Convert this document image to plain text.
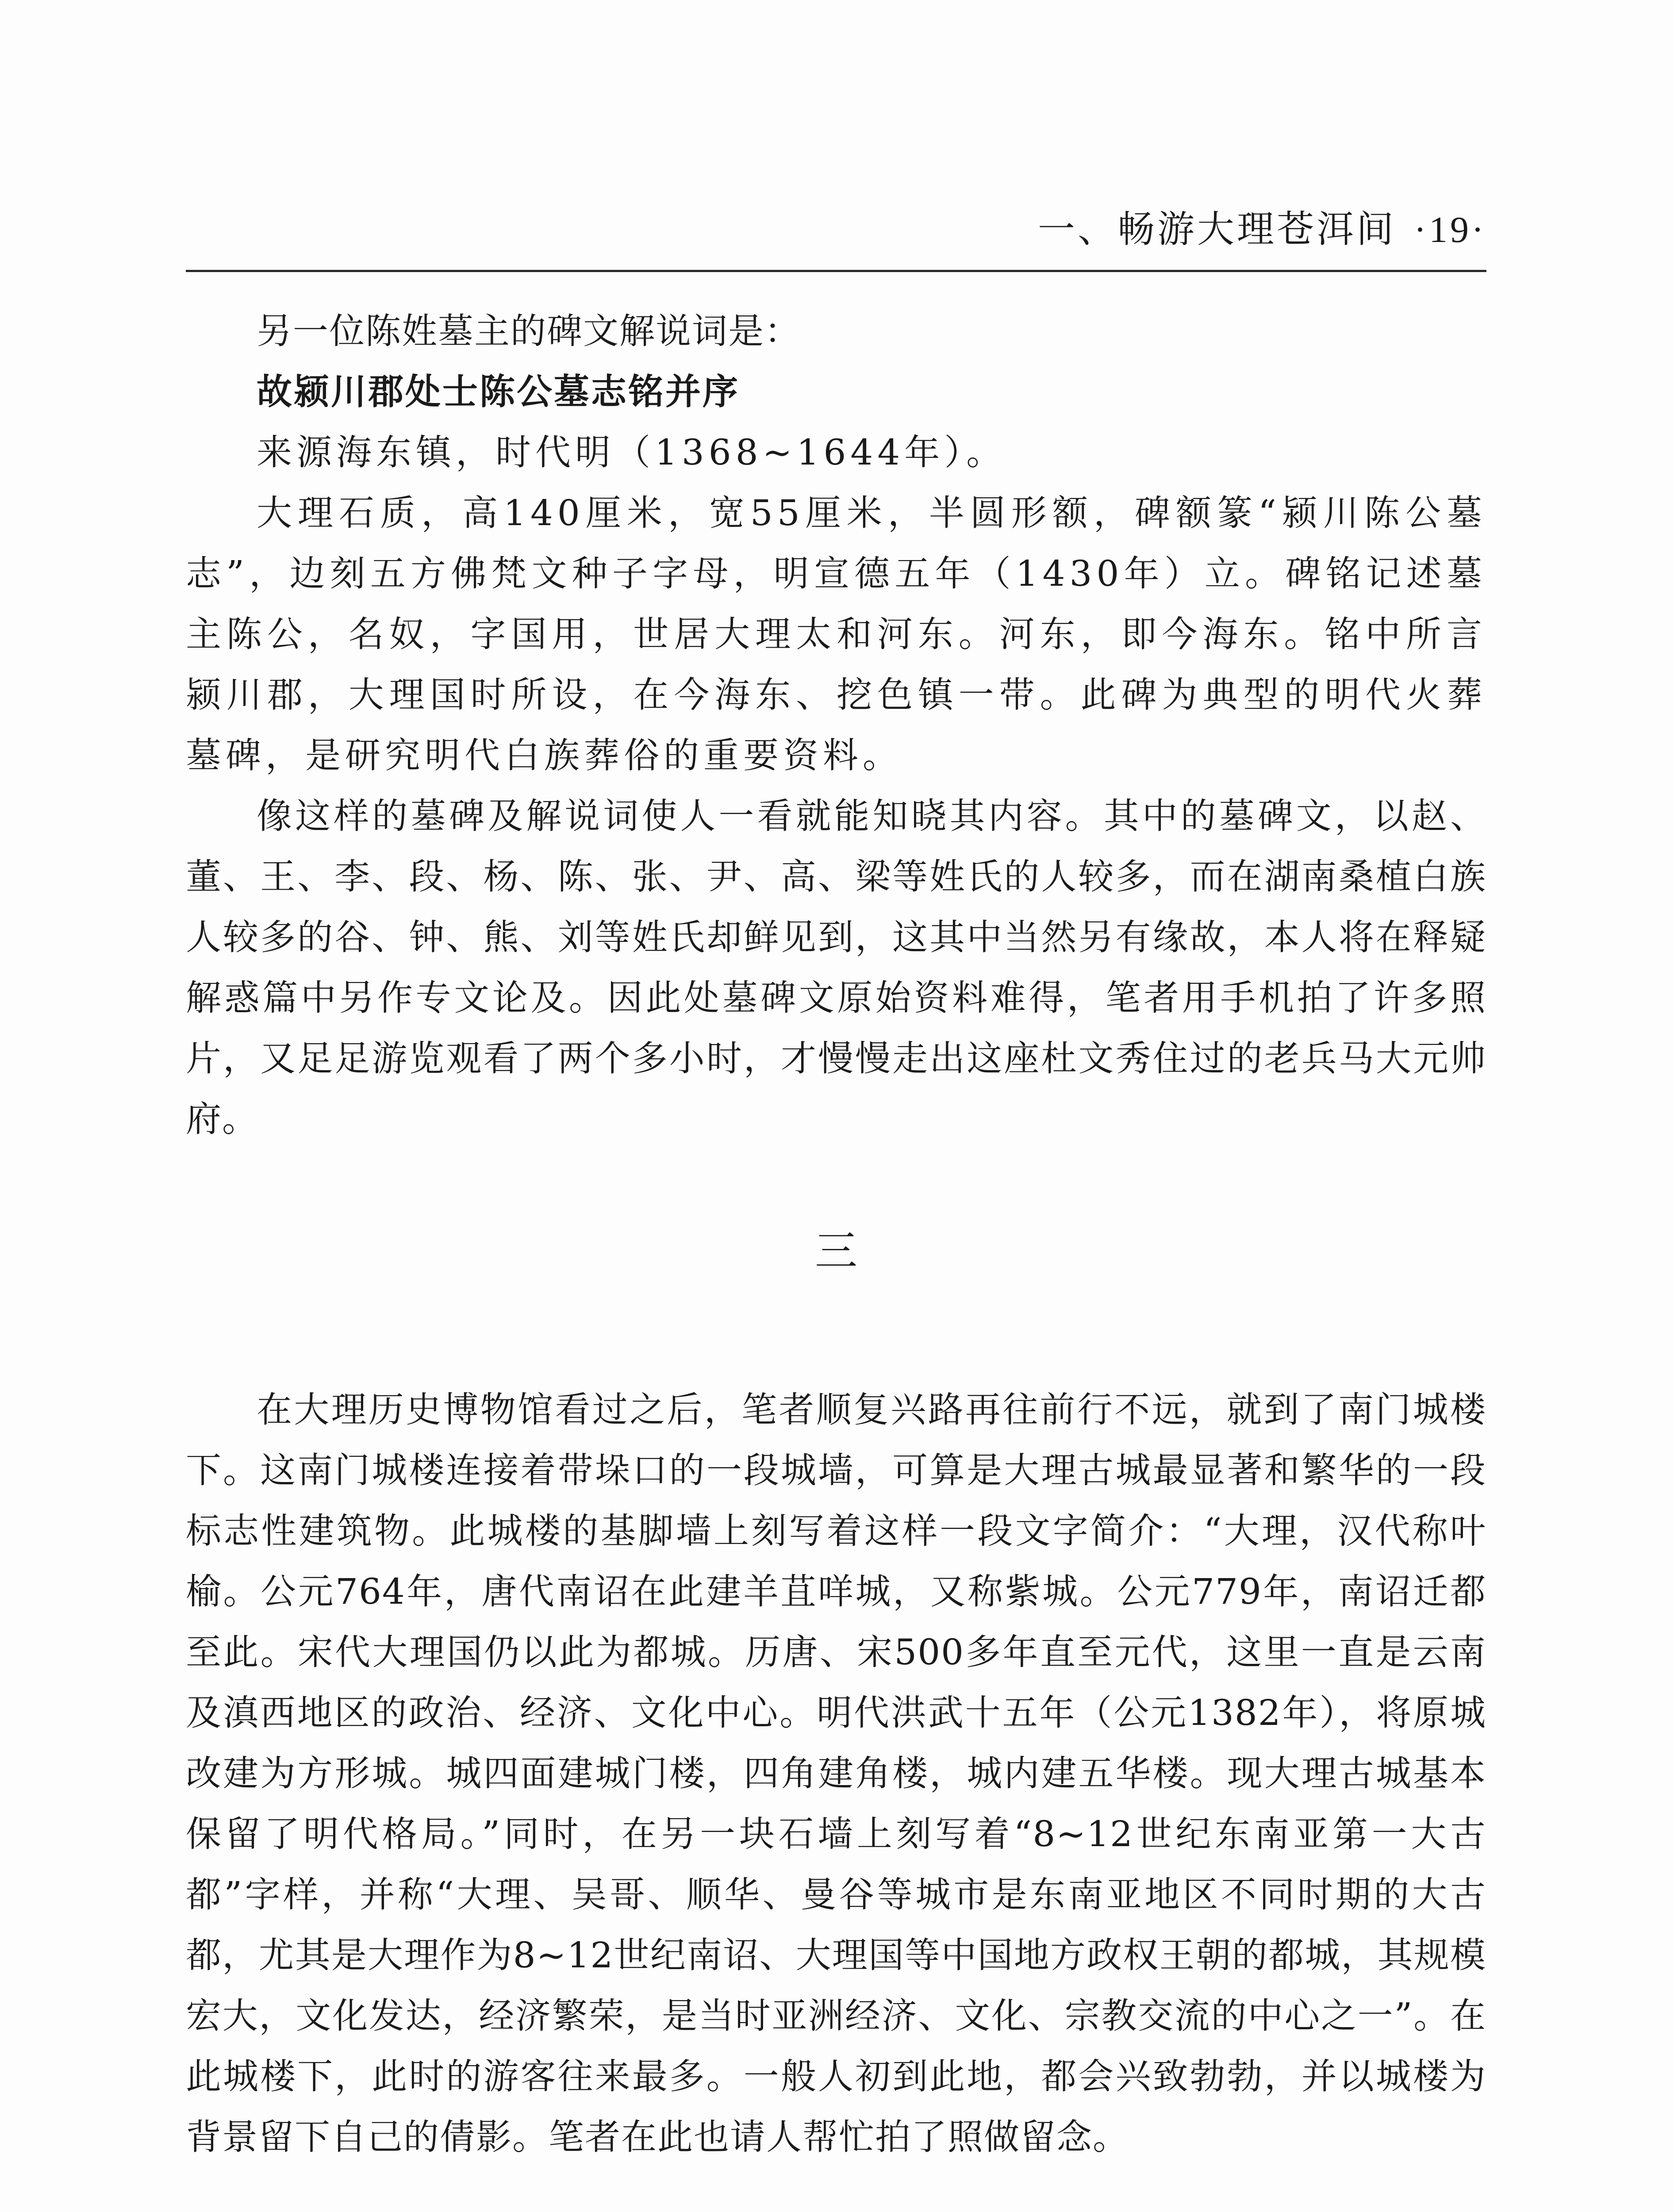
一、畅游大理苍洱间 ·19·

另一位陈姓墓主的碑文解说词是：

故颍川郡处士陈公墓志铭并序

来源海东镇，时代明（1368~1644年）。

大理石质，高140厘米，宽55厘米，半圆形额，碑额篆“颍川陈公墓志”，边刻五方佛梵文种子字母，明宣德五年（1430年）立。碑铭记述墓主陈公，名奴，字国用，世居大理太和河东。河东，即今海东。铭中所言颍川郡，大理国时所设，在今海东、挖色镇一带。此碑为典型的明代火葬墓碑，是研究明代白族葬俗的重要资料。

像这样的墓碑及解说词使人一看就能知晓其内容。其中的墓碑文，以赵、董、王、李、段、杨、陈、张、尹、高、梁等姓氏的人较多，而在湖南桑植白族人较多的谷、钟、熊、刘等姓氏却鲜见到，这其中当然另有缘故，本人将在释疑解惑篇中另作专文论及。因此处墓碑文原始资料难得，笔者用手机拍了许多照片，又足足游览观看了两个多小时，才慢慢走出这座杜文秀住过的老兵马大元帅府。

三

在大理历史博物馆看过之后，笔者顺复兴路再往前行不远，就到了南门城楼下。这南门城楼连接着带垛口的一段城墙，可算是大理古城最显著和繁华的一段标志性建筑物。此城楼的基脚墙上刻写着这样一段文字简介：“大理，汉代称叶榆。公元764年，唐代南诏在此建羊苴咩城，又称紫城。公元779年，南诏迁都至此。宋代大理国仍以此为都城。历唐、宋500多年直至元代，这里一直是云南及滇西地区的政治、经济、文化中心。明代洪武十五年（公元1382年），将原城改建为方形城。城四面建城门楼，四角建角楼，城内建五华楼。现大理古城基本保留了明代格局。”同时，在另一块石墙上刻写着“8~12世纪东南亚第一大古都”字样，并称“大理、吴哥、顺华、曼谷等城市是东南亚地区不同时期的大古都，尤其是大理作为8~12世纪南诏、大理国等中国地方政权王朝的都城，其规模宏大，文化发达，经济繁荣，是当时亚洲经济、文化、宗教交流的中心之一”。在此城楼下，此时的游客往来最多。一般人初到此地，都会兴致勃勃，并以城楼为背景留下自己的倩影。笔者在此也请人帮忙拍了照做留念。
